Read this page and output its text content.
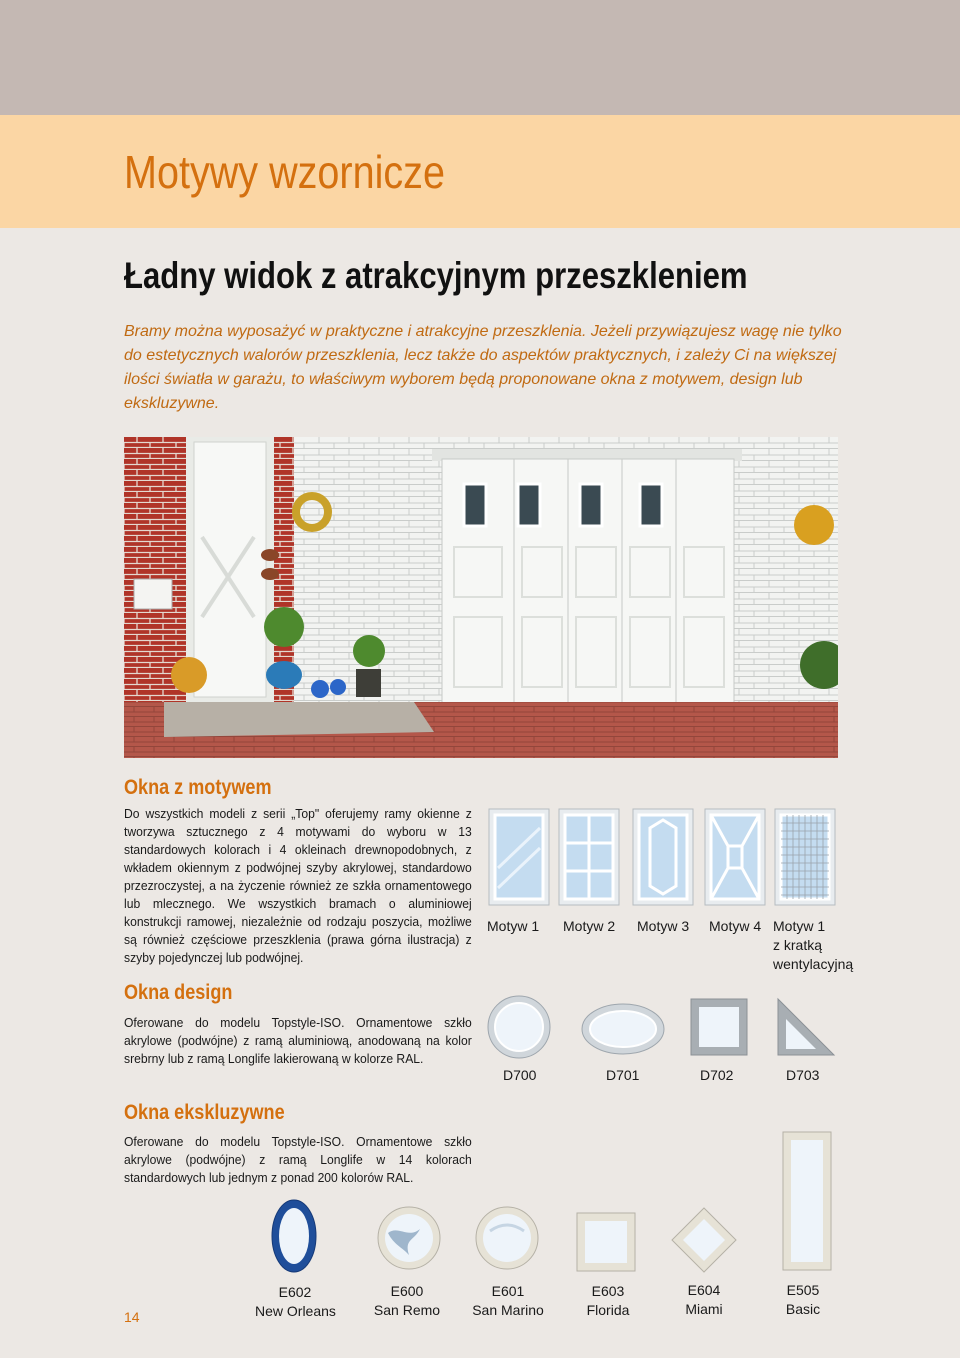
Motywy wzornicze
Ładny widok z atrakcyjnym przeszkleniem

Bramy można wyposażyć w praktyczne i atrakcyjne przeszklenia. Jeżeli przywiązujesz wagę nie tylko do estetycznych walorów przeszklenia, lecz także do aspektów praktycznych, i zależy Ci na większej ilości światła w garażu, to właściwym wyborem będą proponowane okna z motywem, design lub ekskluzywne.

Okna z motywem

Do wszystkich modeli z serii „Top" oferujemy ramy okienne z tworzywa sztucznego z 4 motywami do wyboru w 13 standardowych kolorach i 4 okleinach drewnopodobnych, z wkładem okiennym z podwójnej szyby akrylowej, standardowo przezroczystej, a na życzenie również ze szkła ornamentowego lub mlecznego. We wszystkich bramach o aluminiowej konstrukcji ramowej, niezależnie od rodzaju poszycia, możliwe są również częściowe przeszklenia (prawa górna ilustracja) z szyby pojedynczej lub podwójnej.

Motyw 1 Motyw 2 Motyw 3 Motyw 4 Motyw 1
z kratką
wentylacyjną
Okna design

Oferowane do modelu Topstyle-ISO. Ornamentowe szkło akrylowe (podwójne) z ramą aluminiową, anodowaną na kolor srebrny lub z ramą Longlife lakierowaną w kolorze RAL.

D700	D701	D702	D703
Okna ekskluzywne

Oferowane do modelu Topstyle-ISO. Ornamentowe szkło akrylowe (podwójne) z ramą Longlife w 14 kolorach standardowych lub jednym z ponad 200 kolorów RAL.

E602
New Orleans
E600
San Remo
E601
San Marino
E603
Florida
E604
Miami
E505
Basic
14
